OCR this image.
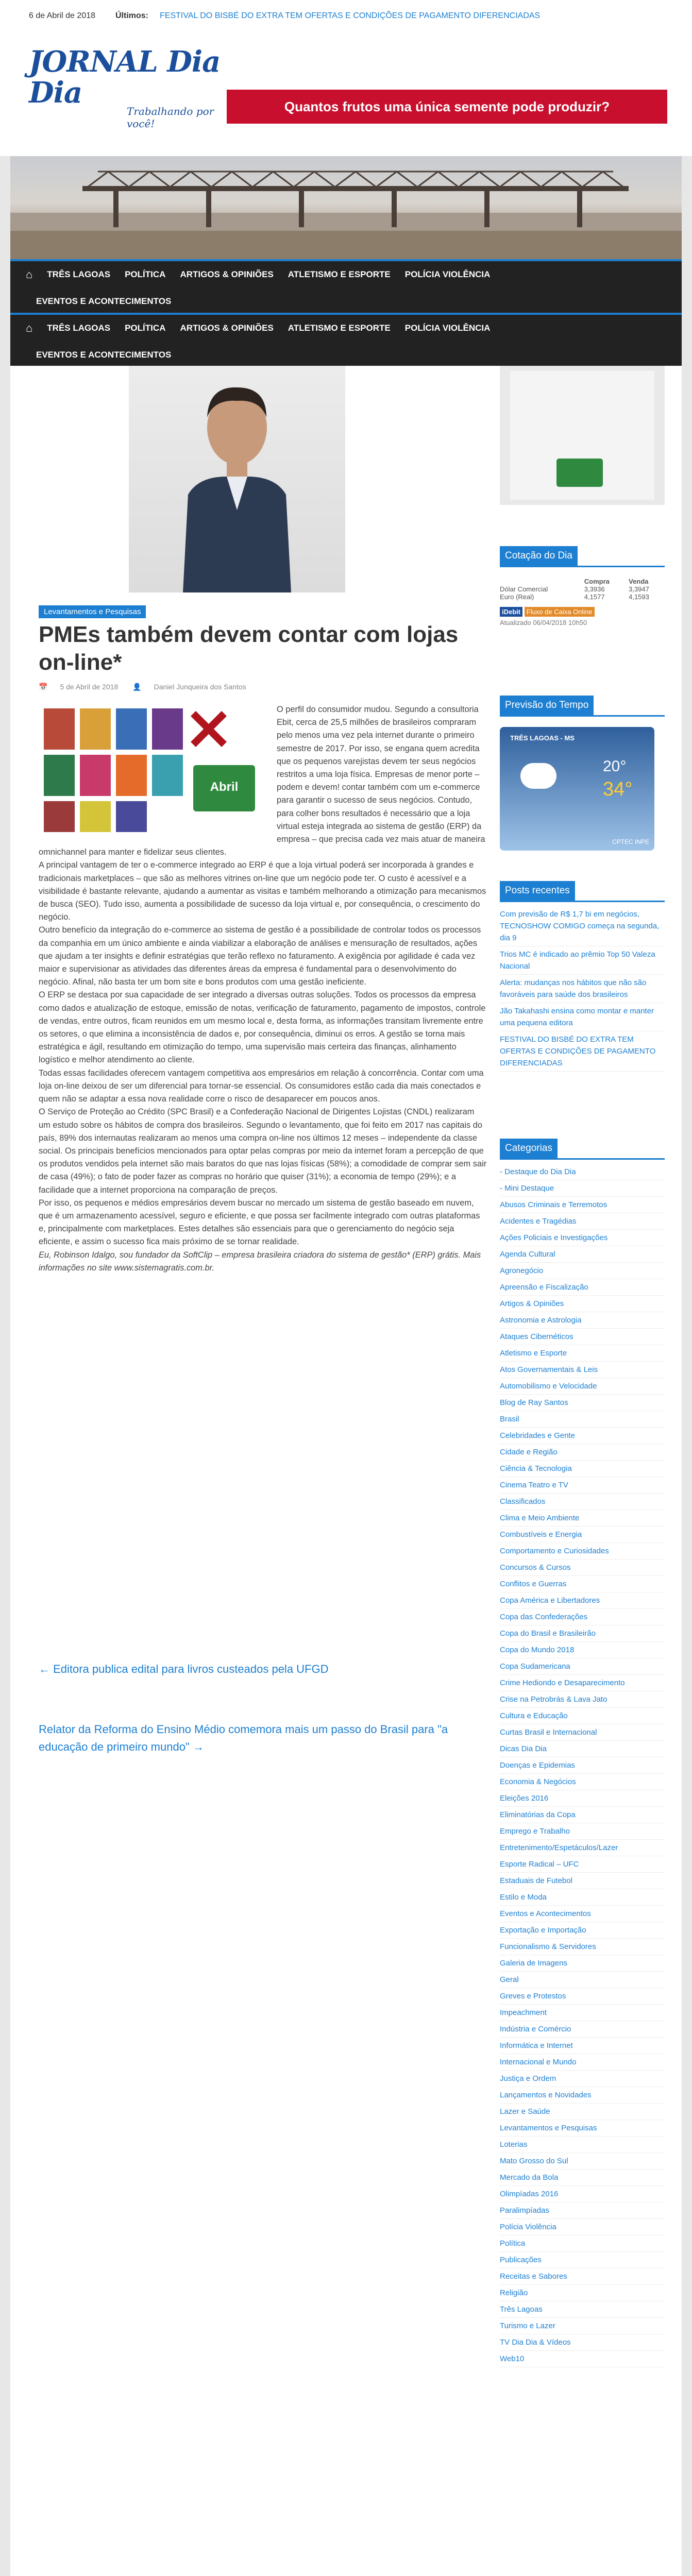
6 de Abril de 2018 Últimos: FESTIVAL DO BISBÉ DO EXTRA TEM OFERTAS E CONDIÇÕES DE PAGAMENTO DIFERENCIADAS
JORNAL Dia Dia
Trabalhando por você!
Quantos frutos uma única semente pode produzir?
⌂ TRÊS LAGOAS POLÍTICA ARTIGOS & OPINIÕES ATLETISMO E ESPORTE POLÍCIA VIOLÊNCIA
EVENTOS E ACONTECIMENTOS
⌂ TRÊS LAGOAS POLÍTICA ARTIGOS & OPINIÕES ATLETISMO E ESPORTE POLÍCIA VIOLÊNCIA
EVENTOS E ACONTECIMENTOS
Levantamentos e Pesquisas
PMEs também devem contar com lojas on-line*
📅 5 de Abril de 2018 👤 Daniel Junqueira dos Santos
Abril

O perfil do consumidor mudou. Segundo a consultoria Ebit, cerca de 25,5 milhões de brasileiros compraram pelo menos uma vez pela internet durante o primeiro semestre de 2017. Por isso, se engana quem acredita que os pequenos varejistas devem ter seus negócios restritos a uma loja física. Empresas de menor porte – podem e devem! contar também com um e-commerce para garantir o sucesso de seus negócios. Contudo, para colher bons resultados é necessário que a loja virtual esteja integrada ao sistema de gestão (ERP) da empresa – que precisa cada vez mais atuar de maneira omnichannel para manter e fidelizar seus clientes.

A principal vantagem de ter o e-commerce integrado ao ERP é que a loja virtual poderá ser incorporada à grandes e tradicionais marketplaces – que são as melhores vitrines on-line que um negócio pode ter. O custo é acessível e a visibilidade é bastante relevante, ajudando a aumentar as visitas e também melhorando a otimização para mecanismos de busca (SEO). Tudo isso, aumenta a possibilidade de sucesso da loja virtual e, por consequência, o crescimento do negócio.

Outro benefício da integração do e-commerce ao sistema de gestão é a possibilidade de controlar todos os processos da companhia em um único ambiente e ainda viabilizar a elaboração de análises e mensuração de resultados, ações que ajudam a ter insights e definir estratégias que terão reflexo no faturamento. A exigência por agilidade é cada vez maior e supervisionar as atividades das diferentes áreas da empresa é fundamental para o desenvolvimento do negócio. Afinal, não basta ter um bom site e bons produtos com uma gestão ineficiente.

O ERP se destaca por sua capacidade de ser integrado a diversas outras soluções. Todos os processos da empresa como dados e atualização de estoque, emissão de notas, verificação de faturamento, pagamento de impostos, controle de vendas, entre outros, ficam reunidos em um mesmo local e, desta forma, as informações transitam livremente entre os setores, o que elimina a inconsistência de dados e, por consequência, diminui os erros. A gestão se torna mais estratégica e ágil, resultando em otimização do tempo, uma supervisão mais certeira das finanças, alinhamento logístico e melhor atendimento ao cliente.

Todas essas facilidades oferecem vantagem competitiva aos empresários em relação à concorrência. Contar com uma loja on-line deixou de ser um diferencial para tornar-se essencial. Os consumidores estão cada dia mais conectados e quem não se adaptar a essa nova realidade corre o risco de desaparecer em poucos anos.

O Serviço de Proteção ao Crédito (SPC Brasil) e a Confederação Nacional de Dirigentes Lojistas (CNDL) realizaram um estudo sobre os hábitos de compra dos brasileiros. Segundo o levantamento, que foi feito em 2017 nas capitais do país, 89% dos internautas realizaram ao menos uma compra on-line nos últimos 12 meses – independente da classe social. Os principais benefícios mencionados para optar pelas compras por meio da internet foram a percepção de que os produtos vendidos pela internet são mais baratos do que nas lojas físicas (58%); a comodidade de comprar sem sair de casa (49%); o fato de poder fazer as compras no horário que quiser (31%); a economia de tempo (29%); e a facilidade que a internet proporciona na comparação de preços.

Por isso, os pequenos e médios empresários devem buscar no mercado um sistema de gestão baseado em nuvem, que é um armazenamento acessível, seguro e eficiente, e que possa ser facilmente integrado com outras plataformas e, principalmente com marketplaces. Estes detalhes são essenciais para que o gerenciamento do negócio seja eficiente, e assim o sucesso fica mais próximo de se tornar realidade.

Eu, Robinson Idalgo, sou fundador da SoftClip – empresa brasileira criadora do sistema de gestão* (ERP) grátis. Mais informações no site www.sistemagratis.com.br.

← Editora publica edital para livros custeados pela UFGD
Relator da Reforma do Ensino Médio comemora mais um passo do Brasil para "a educação de primeiro mundo" →
Cotação do Dia
	Compra	Venda
Dólar Comercial	3,3936	3,3947
Euro (Real)	4,1577	4,1593
iDebit Fluxo de Caixa Online
Atualizado 06/04/2018 10h50
Previsão do Tempo
TRÊS LAGOAS - MS
20°
34°
CPTEC INPE
Posts recentes
Com previsão de R$ 1,7 bi em negócios, TECNOSHOW COMIGO começa na segunda, dia 9
Trios MC é indicado ao prêmio Top 50 Valeza Nacional
Alerta: mudanças nos hábitos que não são favoráveis para saúde dos brasileiros
Jão Takahashi ensina como montar e manter uma pequena editora
FESTIVAL DO BISBÉ DO EXTRA TEM OFERTAS E CONDIÇÕES DE PAGAMENTO DIFERENCIADAS
Categorias
- Destaque do Dia Dia
- Mini Destaque
Abusos Criminais e Terremotos
Acidentes e Tragédias
Ações Policiais e Investigações
Agenda Cultural
Agronegócio
Apreensão e Fiscalização
Artigos & Opiniões
Astronomia e Astrologia
Ataques Cibernéticos
Atletismo e Esporte
Atos Governamentais & Leis
Automobilismo e Velocidade
Blog de Ray Santos
Brasil
Celebridades e Gente
Cidade e Região
Ciência & Tecnologia
Cinema Teatro e TV
Classificados
Clima e Meio Ambiente
Combustíveis e Energia
Comportamento e Curiosidades
Concursos & Cursos
Conflitos e Guerras
Copa América e Libertadores
Copa das Confederações
Copa do Brasil e Brasileirão
Copa do Mundo 2018
Copa Sudamericana
Crime Hediondo e Desaparecimento
Crise na Petrobrás & Lava Jato
Cultura e Educação
Curtas Brasil e Internacional
Dicas Dia Dia
Doenças e Epidemias
Economia & Negócios
Eleições 2016
Eliminatórias da Copa
Emprego e Trabalho
Entretenimento/Espetáculos/Lazer
Esporte Radical – UFC
Estaduais de Futebol
Estilo e Moda
Eventos e Acontecimentos
Exportação e Importação
Funcionalismo & Servidores
Galeria de Imagens
Geral
Greves e Protestos
Impeachment
Indústria e Comércio
Informática e Internet
Internacional e Mundo
Justiça e Ordem
Lançamentos e Novidades
Lazer e Saúde
Levantamentos e Pesquisas
Loterias
Mato Grosso do Sul
Mercado da Bola
Olimpíadas 2016
Paralimpíadas
Polícia Violência
Política
Publicações
Receitas e Sabores
Religião
Três Lagoas
Turismo e Lazer
TV Dia Dia & Vídeos
Web10
